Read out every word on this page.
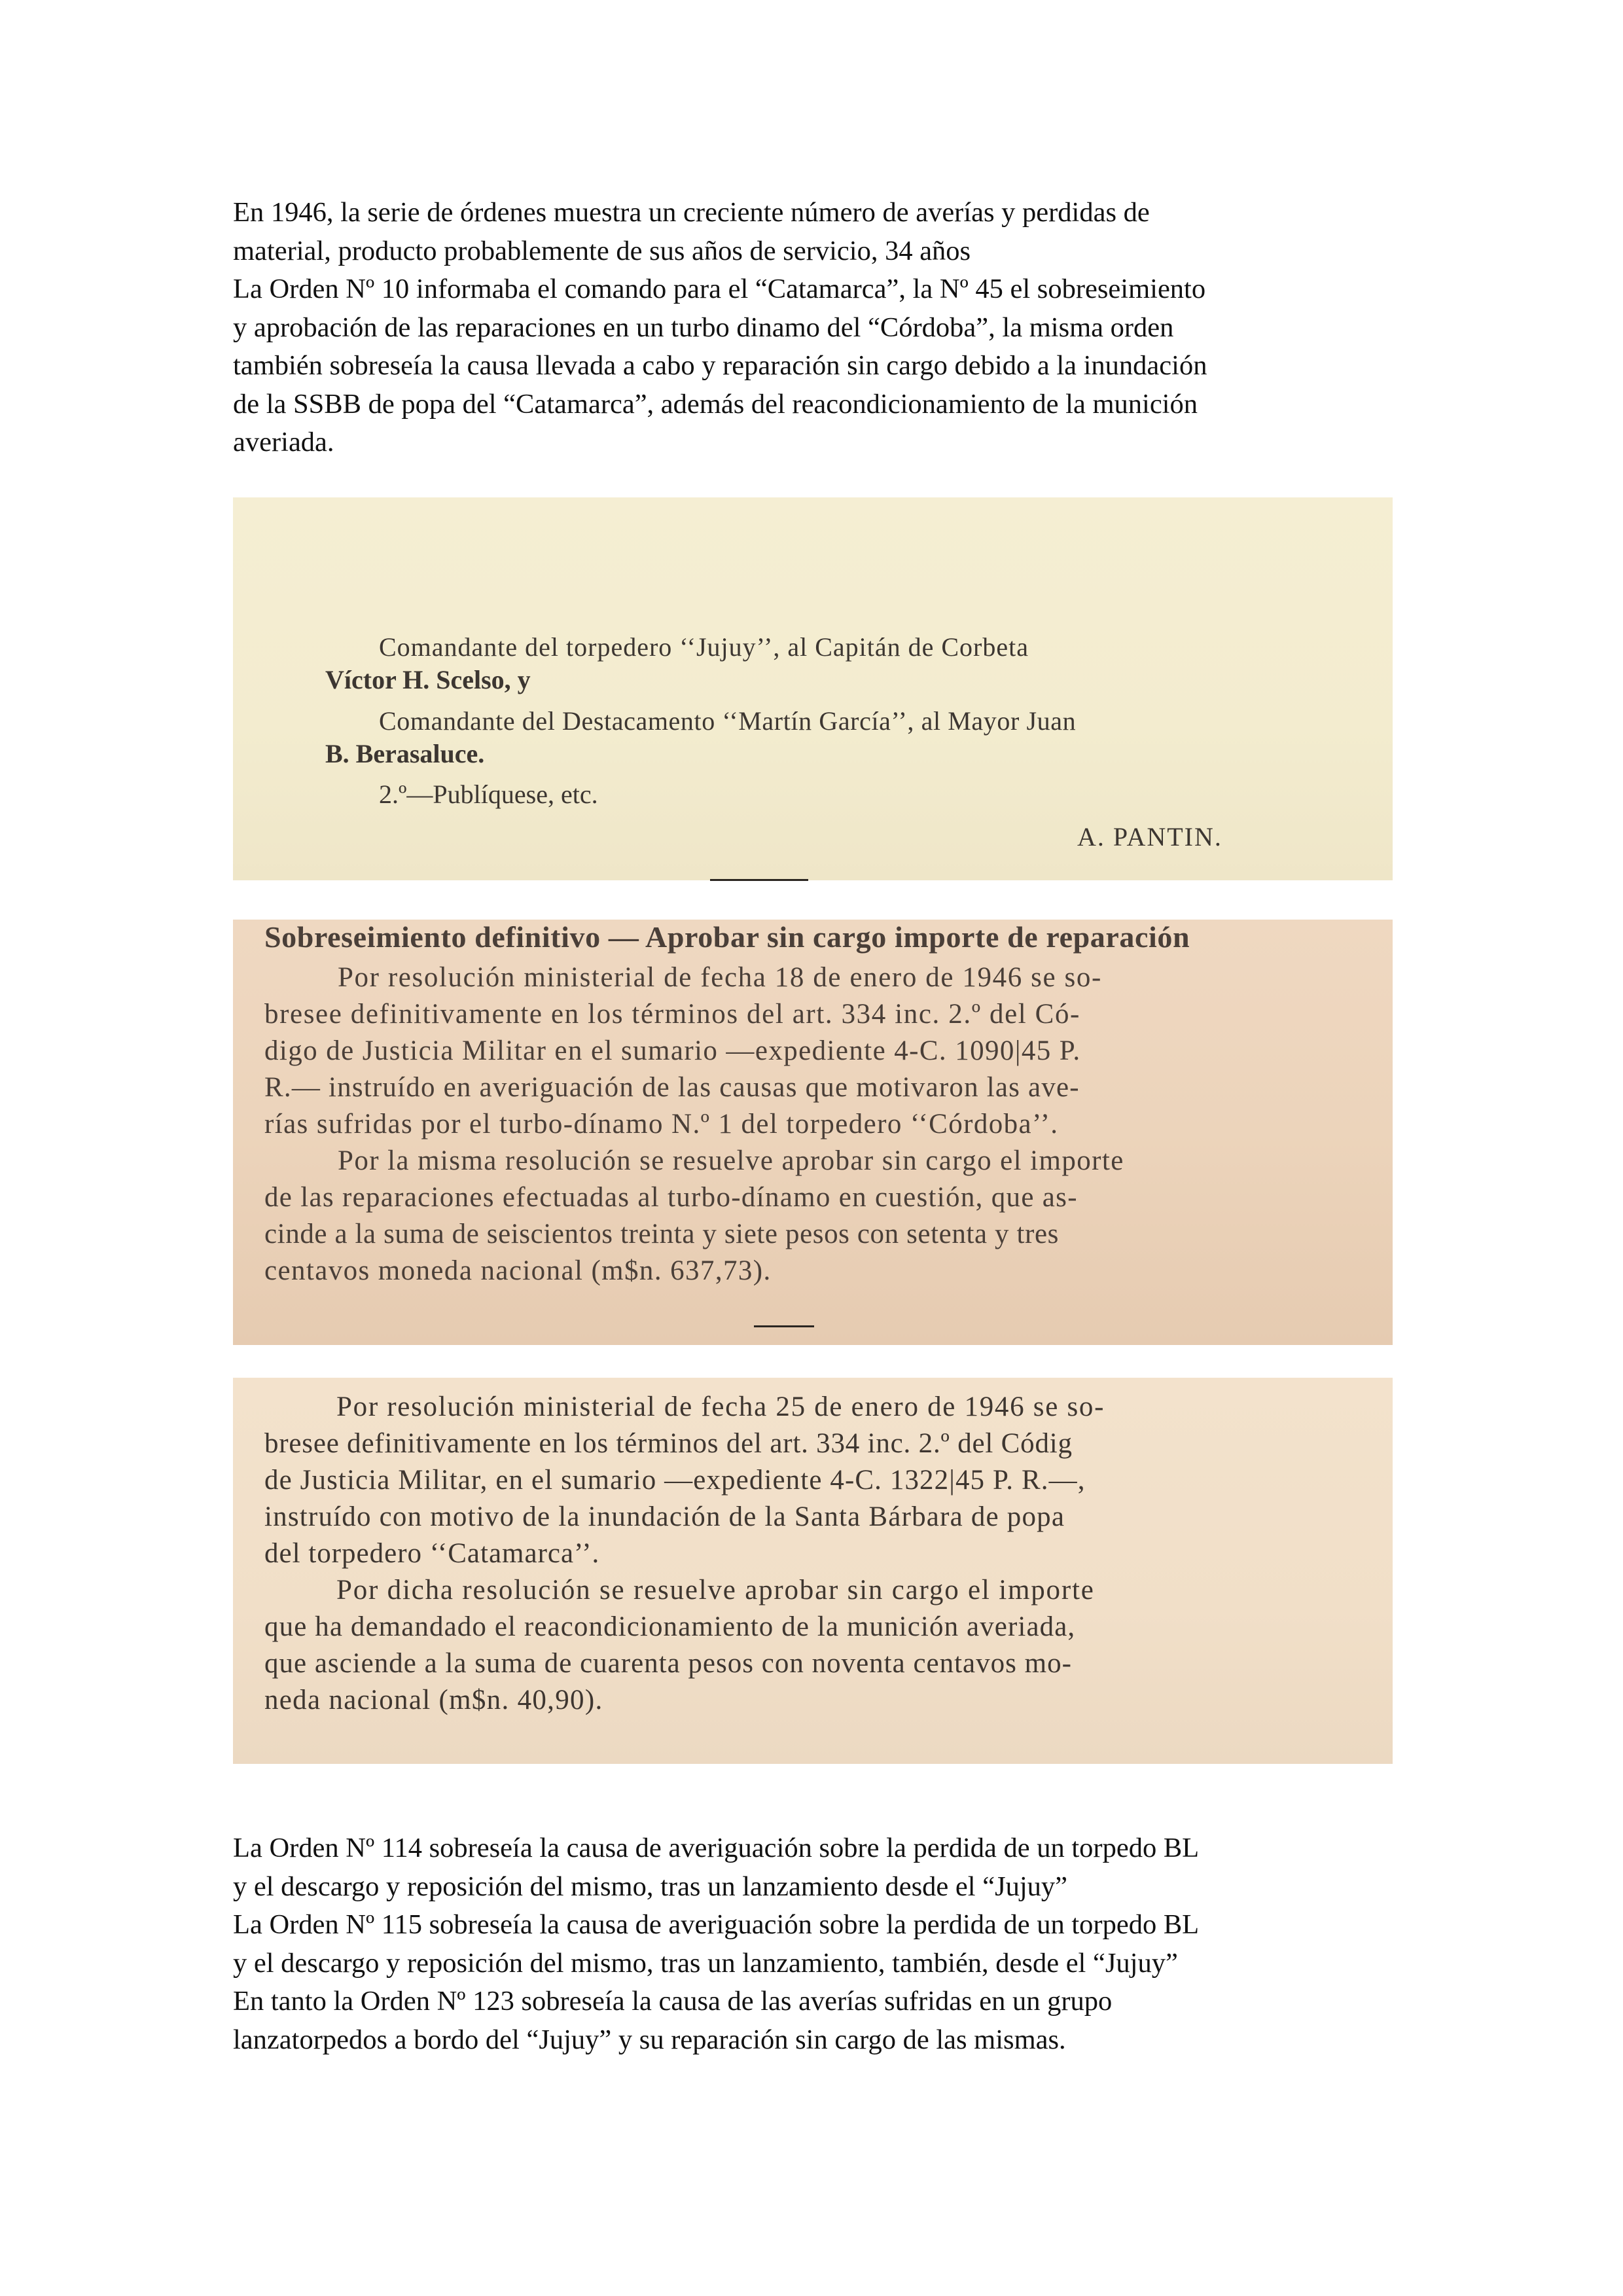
En 1946, la serie de órdenes muestra un creciente número de averías y perdidas de
material, producto probablemente de sus años de servicio, 34 años
La Orden Nº 10 informaba el comando para el “Catamarca”, la Nº 45 el sobreseimiento
y aprobación de las reparaciones en un turbo dinamo del “Córdoba”, la misma orden
también sobreseía la causa llevada a cabo y reparación sin cargo debido a la inundación
de la SSBB de popa del “Catamarca”, además del reacondicionamiento de la munición
averiada.
Comandante del torpedero ‘‘Jujuy’’, al Capitán de Corbeta
Víctor H. Scelso, y
Comandante del Destacamento ‘‘Martín García’’, al Mayor Juan
B. Berasaluce.
2.º—Publíquese, etc.
A. PANTIN.
Sobreseimiento definitivo — Aprobar sin cargo importe de reparación
Por resolución ministerial de fecha 18 de enero de 1946 se so-
bresee definitivamente en los términos del art. 334 inc. 2.º del Có-
digo de Justicia Militar en el sumario —expediente 4-C. 1090|45 P.
R.— instruído en averiguación de las causas que motivaron las ave-
rías sufridas por el turbo-dínamo N.º 1 del torpedero ‘‘Córdoba’’.
Por la misma resolución se resuelve aprobar sin cargo el importe
de las reparaciones efectuadas al turbo-dínamo en cuestión, que as-
cinde a la suma de seiscientos treinta y siete pesos con setenta y tres
centavos moneda nacional (m$n. 637,73).
Por resolución ministerial de fecha 25 de enero de 1946 se so-
bresee definitivamente en los términos del art. 334 inc. 2.º del Códig
de Justicia Militar, en el sumario —expediente 4-C. 1322|45 P. R.—,
instruído con motivo de la inundación de la Santa Bárbara de popa
del torpedero ‘‘Catamarca’’.
Por dicha resolución se resuelve aprobar sin cargo el importe
que ha demandado el reacondicionamiento de la munición averiada,
que asciende a la suma de cuarenta pesos con noventa centavos mo-
neda nacional (m$n. 40,90).
La Orden Nº 114 sobreseía la causa de averiguación sobre la perdida de un torpedo BL
y el descargo y reposición del mismo, tras un lanzamiento desde el “Jujuy”
La Orden Nº 115 sobreseía la causa de averiguación sobre la perdida de un torpedo BL
y el descargo y reposición del mismo, tras un lanzamiento, también, desde el “Jujuy”
En tanto la Orden Nº 123 sobreseía la causa de las averías sufridas en un grupo
lanzatorpedos a bordo del “Jujuy” y su reparación sin cargo de las mismas.
